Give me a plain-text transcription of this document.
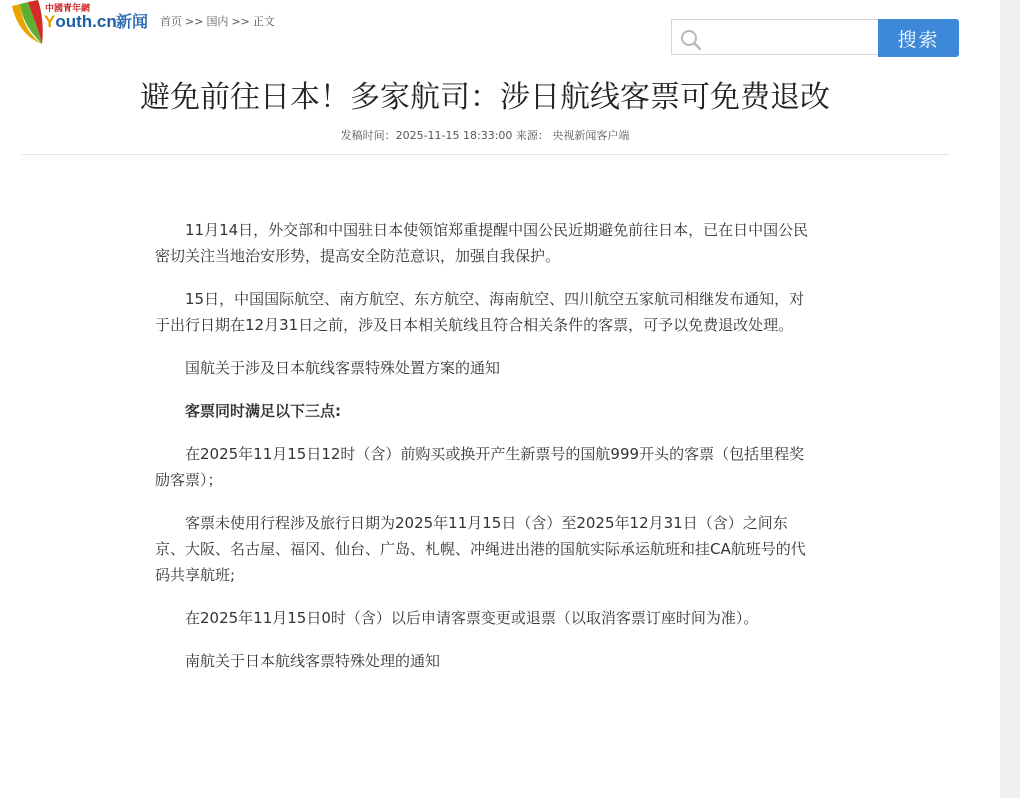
中國青年網
Youth.cn 新闻 首页 >> 国内 >> 正文
搜索
避免前往日本！多家航司：涉日航线客票可免费退改
发稿时间：2025-11-15 18:33:00 来源： 央视新闻客户端

11月14日，外交部和中国驻日本使领馆郑重提醒中国公民近期避免前往日本，已在日中国公民密切关注当地治安形势，提高安全防范意识，加强自我保护。

15日，中国国际航空、南方航空、东方航空、海南航空、四川航空五家航司相继发布通知，对于出行日期在12月31日之前，涉及日本相关航线且符合相关条件的客票，可予以免费退改处理。

国航关于涉及日本航线客票特殊处置方案的通知

客票同时满足以下三点:

在2025年11月15日12时（含）前购买或换开产生新票号的国航999开头的客票（包括里程奖励客票）；

客票未使用行程涉及旅行日期为2025年11月15日（含）至2025年12月31日（含）之间东京、大阪、名古屋、福冈、仙台、广岛、札幌、冲绳进出港的国航实际承运航班和挂CA航班号的代码共享航班;

在2025年11月15日0时（含）以后申请客票变更或退票（以取消客票订座时间为准）。

南航关于日本航线客票特殊处理的通知
